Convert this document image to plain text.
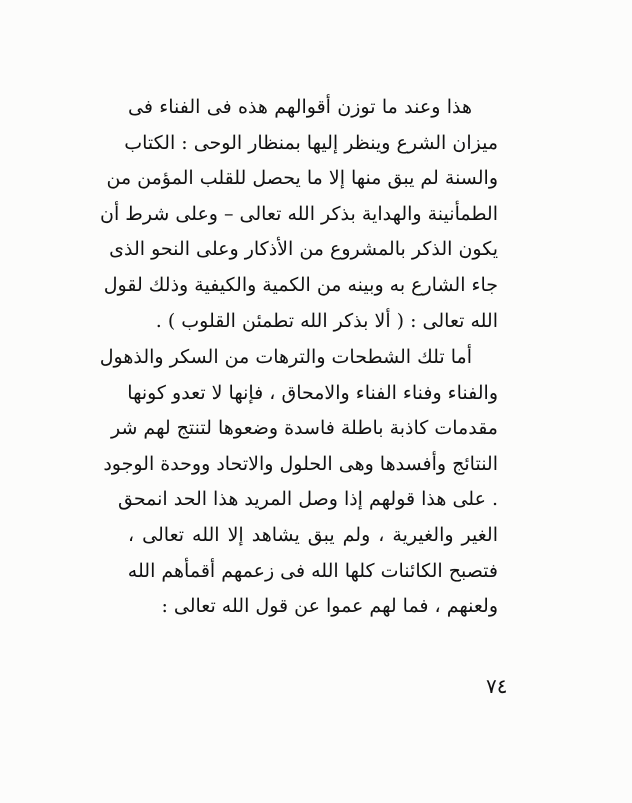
هذا وعند ما توزن أقوالهم هذه فى الفناء فى
ميزان الشرع وينظر إليها بمنظار الوحى : الكتاب
والسنة لم يبق منها إلا ما يحصل للقلب المؤمن من
الطمأنينة والهداية بذكر الله تعالى – وعلى شرط أن
يكون الذكر بالمشروع من الأذكار وعلى النحو الذى
جاء الشارع به وبينه من الكمية والكيفية وذلك لقول
الله تعالى : ( ألا بذكر الله تطمئن القلوب ) .
أما تلك الشطحات والترهات من السكر والذهول
والفناء وفناء الفناء والامحاق ، فإنها لا تعدو كونها
مقدمات كاذبة باطلة فاسدة وضعوها لتنتج لهم شر
النتائج وأفسدها وهى الحلول والاتحاد ووحدة الوجود
. على هذا قولهم إذا وصل المريد هذا الحد انمحق
الغير والغيرية ، ولم يبق يشاهد إلا الله تعالى ،
فتصبح الكائنات كلها الله فى زعمهم أقمأهم الله
ولعنهم ، فما لهم عموا عن قول الله تعالى :
٧٤
